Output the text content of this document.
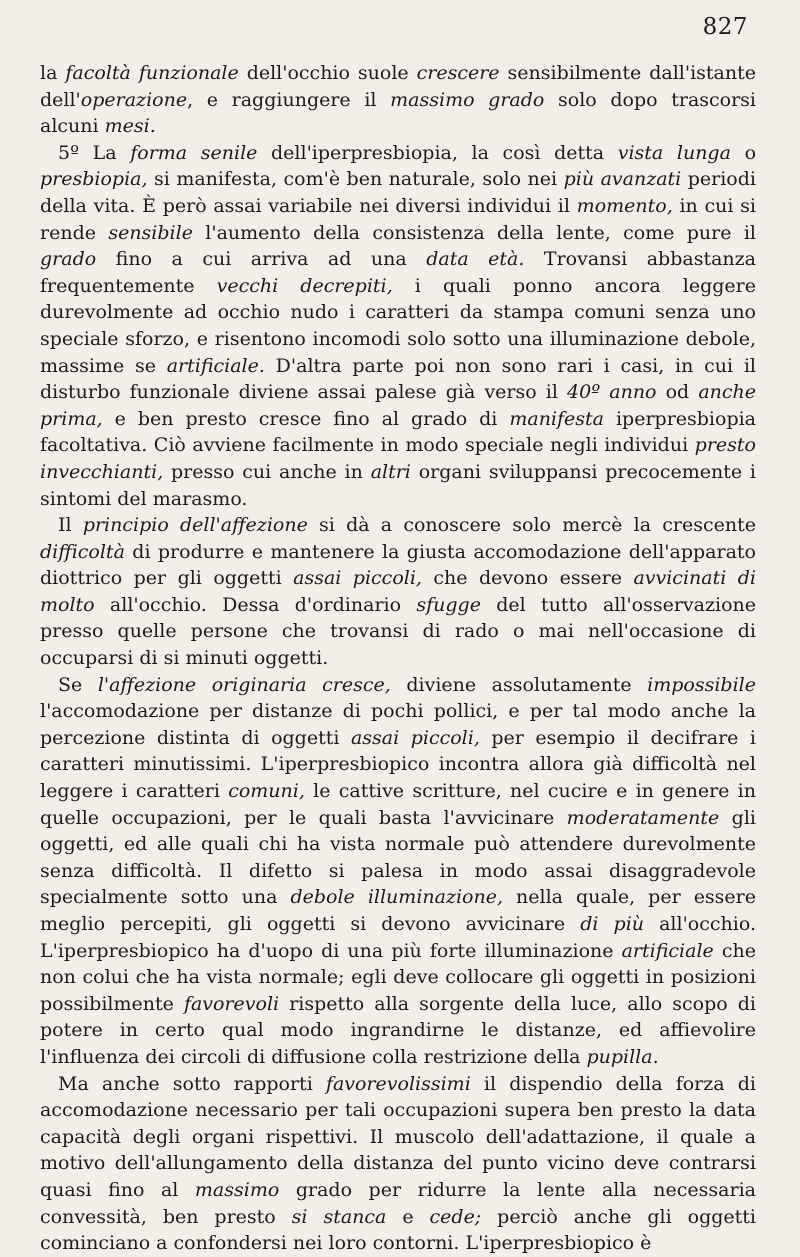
827

la facoltà funzionale dell'occhio suole crescere sensibilmente dall'istante dell'operazione, e raggiungere il massimo grado solo dopo trascorsi alcuni mesi.

5º La forma senile dell'iperpresbiopia, la così detta vista lunga o presbiopia, si manifesta, com'è ben naturale, solo nei più avanzati periodi della vita. È però assai variabile nei diversi individui il momento, in cui si rende sensibile l'aumento della consistenza della lente, come pure il grado fino a cui arriva ad una data età. Trovansi abbastanza frequentemente vecchi decrepiti, i quali ponno ancora leggere durevolmente ad occhio nudo i caratteri da stampa comuni senza uno speciale sforzo, e risentono incomodi solo sotto una illuminazione debole, massime se artificiale. D'altra parte poi non sono rari i casi, in cui il disturbo funzionale diviene assai palese già verso il 40º anno od anche prima, e ben presto cresce fino al grado di manifesta iperpresbiopia facoltativa. Ciò avviene facilmente in modo speciale negli individui presto invecchianti, presso cui anche in altri organi sviluppansi precocemente i sintomi del marasmo.

Il principio dell'affezione si dà a conoscere solo mercè la crescente difficoltà di produrre e mantenere la giusta accomodazione dell'apparato diottrico per gli oggetti assai piccoli, che devono essere avvicinati di molto all'occhio. Dessa d'ordinario sfugge del tutto all'osservazione presso quelle persone che trovansi di rado o mai nell'occasione di occuparsi di si minuti oggetti.

Se l'affezione originaria cresce, diviene assolutamente impossibile l'accomodazione per distanze di pochi pollici, e per tal modo anche la percezione distinta di oggetti assai piccoli, per esempio il decifrare i caratteri minutissimi. L'iperpresbiopico incontra allora già difficoltà nel leggere i caratteri comuni, le cattive scritture, nel cucire e in genere in quelle occupazioni, per le quali basta l'avvicinare moderatamente gli oggetti, ed alle quali chi ha vista normale può attendere durevolmente senza difficoltà. Il difetto si palesa in modo assai disaggradevole specialmente sotto una debole illuminazione, nella quale, per essere meglio percepiti, gli oggetti si devono avvicinare di più all'occhio. L'iperpresbiopico ha d'uopo di una più forte illuminazione artificiale che non colui che ha vista normale; egli deve collocare gli oggetti in posizioni possibilmente favorevoli rispetto alla sorgente della luce, allo scopo di potere in certo qual modo ingrandirne le distanze, ed affievolire l'influenza dei circoli di diffusione colla restrizione della pupilla.

Ma anche sotto rapporti favorevolissimi il dispendio della forza di accomodazione necessario per tali occupazioni supera ben presto la data capacità degli organi rispettivi. Il muscolo dell'adattazione, il quale a motivo dell'allungamento della distanza del punto vicino deve contrarsi quasi fino al massimo grado per ridurre la lente alla necessaria convessità, ben presto si stanca e cede; perciò anche gli oggetti cominciano a confondersi nei loro contorni. L'iperpresbiopico è
